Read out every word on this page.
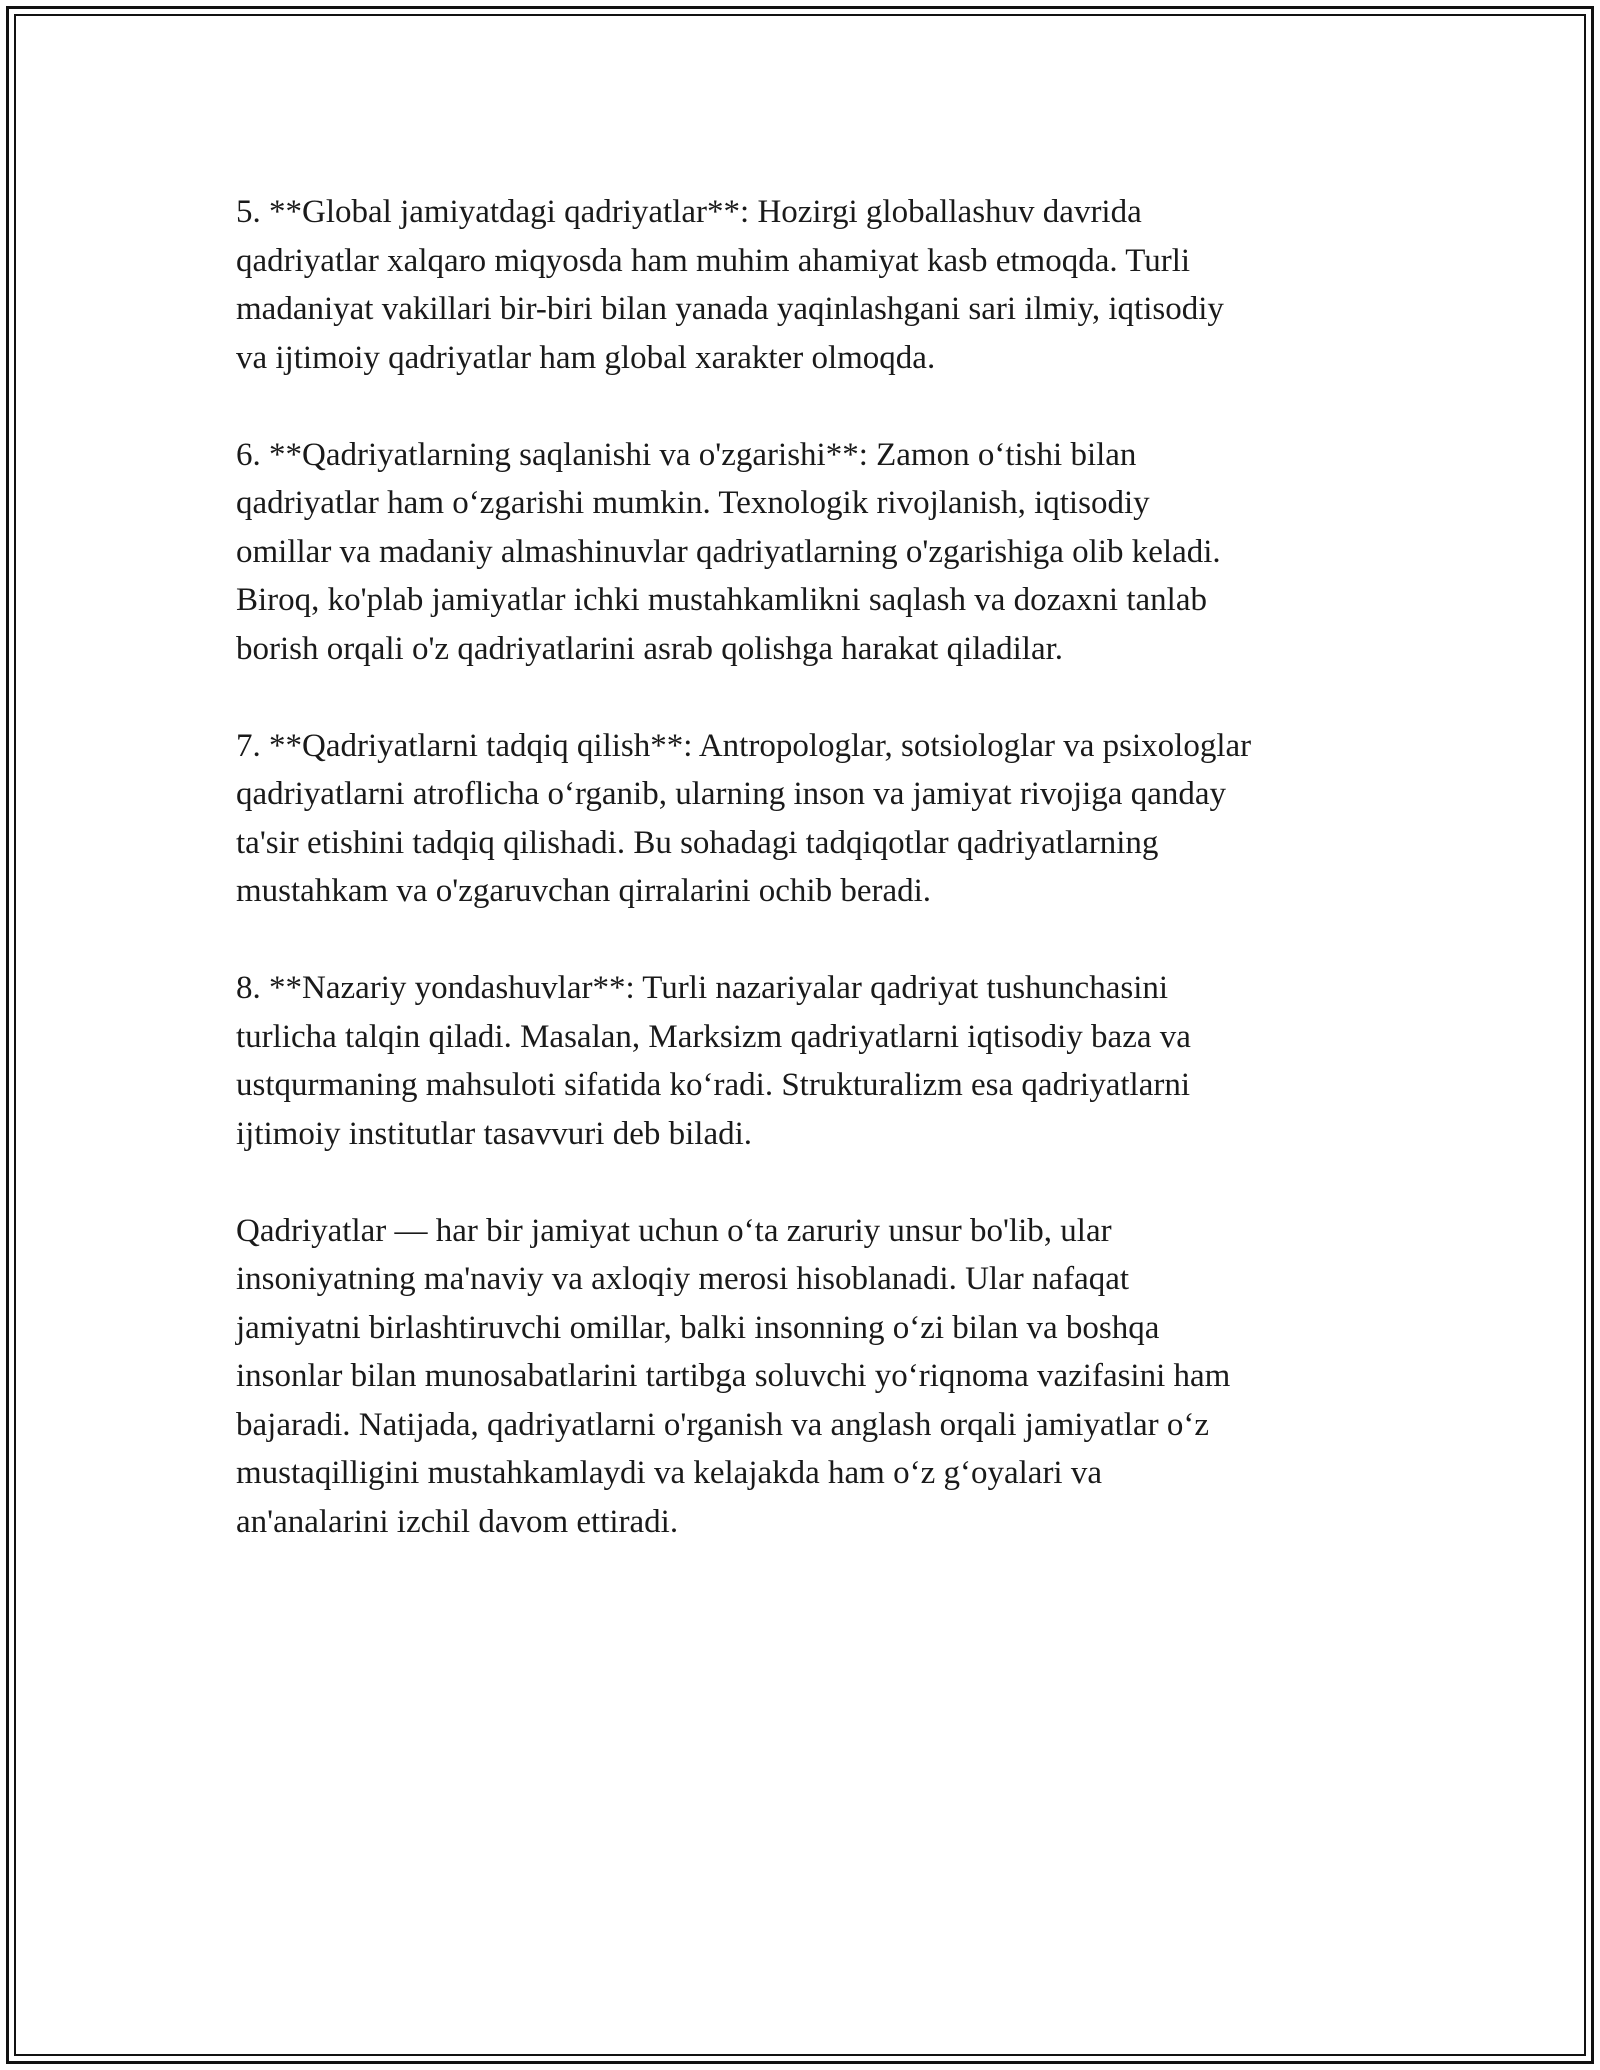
5. **Global jamiyatdagi qadriyatlar**: Hozirgi globallashuv davrida
qadriyatlar xalqaro miqyosda ham muhim ahamiyat kasb etmoqda. Turli
madaniyat vakillari bir-biri bilan yanada yaqinlashgani sari ilmiy, iqtisodiy
va ijtimoiy qadriyatlar ham global xarakter olmoqda.

6. **Qadriyatlarning saqlanishi va o'zgarishi**: Zamon o‘tishi bilan
qadriyatlar ham o‘zgarishi mumkin. Texnologik rivojlanish, iqtisodiy
omillar va madaniy almashinuvlar qadriyatlarning o'zgarishiga olib keladi.
Biroq, ko'plab jamiyatlar ichki mustahkamlikni saqlash va dozaxni tanlab
borish orqali o'z qadriyatlarini asrab qolishga harakat qiladilar.

7. **Qadriyatlarni tadqiq qilish**: Antropologlar, sotsiologlar va psixologlar
qadriyatlarni atroflicha o‘rganib, ularning inson va jamiyat rivojiga qanday
ta'sir etishini tadqiq qilishadi. Bu sohadagi tadqiqotlar qadriyatlarning
mustahkam va o'zgaruvchan qirralarini ochib beradi.

8. **Nazariy yondashuvlar**: Turli nazariyalar qadriyat tushunchasini
turlicha talqin qiladi. Masalan, Marksizm qadriyatlarni iqtisodiy baza va
ustqurmaning mahsuloti sifatida ko‘radi. Strukturalizm esa qadriyatlarni
ijtimoiy institutlar tasavvuri deb biladi.

Qadriyatlar — har bir jamiyat uchun o‘ta zaruriy unsur bo'lib, ular
insoniyatning ma'naviy va axloqiy merosi hisoblanadi. Ular nafaqat
jamiyatni birlashtiruvchi omillar, balki insonning o‘zi bilan va boshqa
insonlar bilan munosabatlarini tartibga soluvchi yo‘riqnoma vazifasini ham
bajaradi. Natijada, qadriyatlarni o'rganish va anglash orqali jamiyatlar o‘z
mustaqilligini mustahkamlaydi va kelajakda ham o‘z g‘oyalari va
an'analarini izchil davom ettiradi.
